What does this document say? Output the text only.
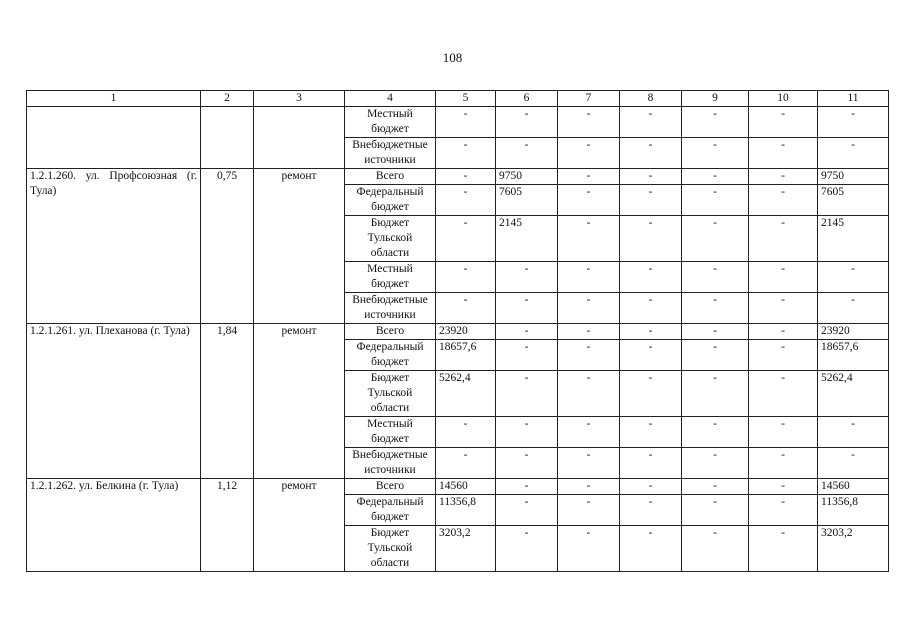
108
1	2	3	4	5	6	7	8	9	10	11
			Местный бюджет	-	-	-	-	-	-	-
			Внебюджетные источники	-	-	-	-	-	-	-
1.2.1.260. ул. Профсоюзная (г. Тула)	0,75	ремонт	Всего	-	9750	-	-	-	-	9750
			Федеральный бюджет	-	7605	-	-	-	-	7605
			Бюджет Тульской области	-	2145	-	-	-	-	2145
			Местный бюджет	-	-	-	-	-	-	-
			Внебюджетные источники	-	-	-	-	-	-	-
1.2.1.261. ул. Плеханова (г. Тула)	1,84	ремонт	Всего	23920	-	-	-	-	-	23920
			Федеральный бюджет	18657,6	-	-	-	-	-	18657,6
			Бюджет Тульской области	5262,4	-	-	-	-	-	5262,4
			Местный бюджет	-	-	-	-	-	-	-
			Внебюджетные источники	-	-	-	-	-	-	-
1.2.1.262. ул. Белкина (г. Тула)	1,12	ремонт	Всего	14560	-	-	-	-	-	14560
			Федеральный бюджет	11356,8	-	-	-	-	-	11356,8
			Бюджет Тульской области	3203,2	-	-	-	-	-	3203,2
